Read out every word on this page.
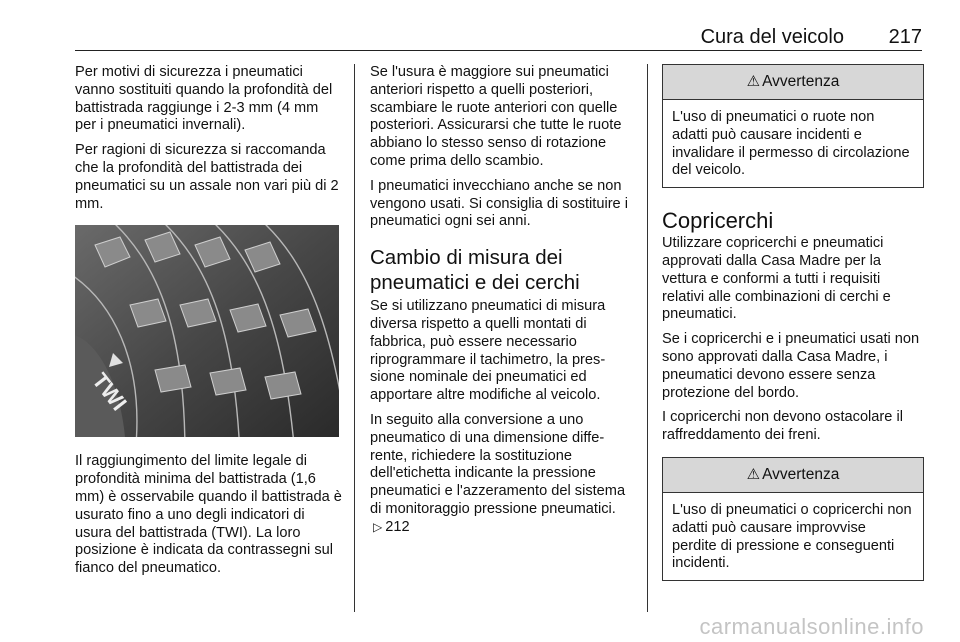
Cura del veicolo 217

Per motivi di sicurezza i pneumatici vanno sostituiti quando la profondità del battistrada raggiunge i 2-3 mm (4 mm per i pneumatici invernali).

Per ragioni di sicurezza si raccomanda che la profondità del battistrada dei pneumatici su un assale non vari più di 2 mm.

TWI

Il raggiungimento del limite legale di profondità minima del battistrada (1,6 mm) è osservabile quando il battistrada è usurato fino a uno degli indicatori di usura del battistrada (TWI). La loro posizione è indicata da contrassegni sul fianco del pneumatico.

Se l'usura è maggiore sui pneumatici anteriori rispetto a quelli posteriori, scambiare le ruote anteriori con quelle posteriori. Assicurarsi che tutte le ruote abbiano lo stesso senso di rotazione come prima dello scambio.

I pneumatici invecchiano anche se non vengono usati. Si consiglia di sostituire i pneumatici ogni sei anni.

Cambio di misura dei pneumatici e dei cerchi

Se si utilizzano pneumatici di misura diversa rispetto a quelli montati di fabbrica, può essere necessario riprogrammare il tachimetro, la pressione nominale dei pneumatici ed apportare altre modifiche al veicolo.

In seguito alla conversione a uno pneumatico di una dimensione differente, richiedere la sostituzione dell'etichetta indicante la pressione pneumatici e l'azzeramento del sistema di monitoraggio pressione pneumatici. ▷ 212

⚠ Avvertenza
L'uso di pneumatici o ruote non adatti può causare incidenti e invalidare il permesso di circolazione del veicolo.
Copricerchi

Utilizzare copricerchi e pneumatici approvati dalla Casa Madre per la vettura e conformi a tutti i requisiti relativi alle combinazioni di cerchi e pneumatici.

Se i copricerchi e i pneumatici usati non sono approvati dalla Casa Madre, i pneumatici devono essere senza protezione del bordo.

I copricerchi non devono ostacolare il raffreddamento dei freni.

⚠ Avvertenza
L'uso di pneumatici o copricerchi non adatti può causare improvvise perdite di pressione e conseguenti incidenti.
carmanualsonline.info
